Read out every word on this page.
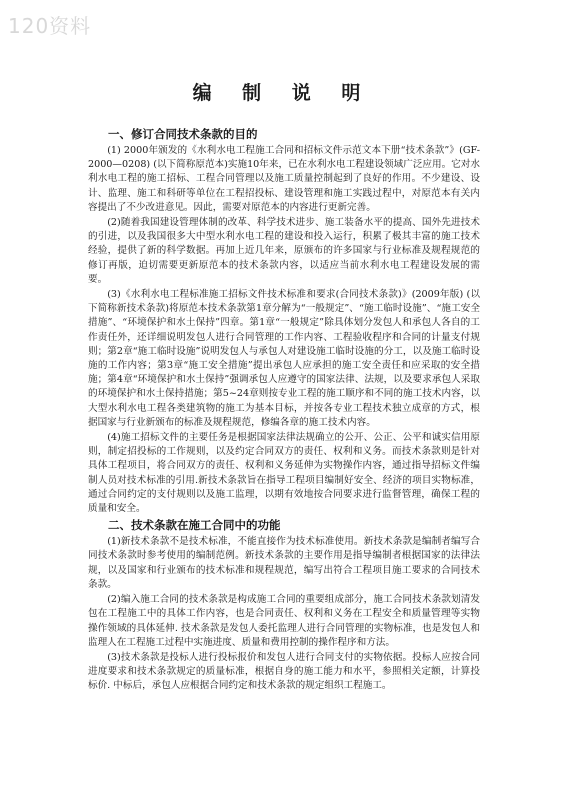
120资料
编 制 说 明
一、修订合同技术条款的目的

(1) 2000年颁发的《水利水电工程施工合同和招标文件示范文本下册“技术条款”》(GF-2000—0208) (以下简称原范本)实施10年来，已在水利水电工程建设领域广泛应用。它对水利水电工程的施工招标、工程合同管理以及施工质量控制起到了良好的作用。不少建设、设计、监理、施工和科研等单位在工程招投标、建设管理和施工实践过程中，对原范本有关内容提出了不少改进意见。因此，需要对原范本的内容进行更新完善。

(2)随着我国建设管理体制的改革、科学技术进步、施工装备水平的提高、国外先进技术的引进，以及我国很多大中型水利水电工程的建设和投入运行，积累了极其丰富的施工技术经验，提供了新的科学数据。再加上近几年来，原颁布的许多国家与行业标准及规程规范的修订再版，迫切需要更新原范本的技术条款内容，以适应当前水利水电工程建设发展的需要。

(3)《水利水电工程标准施工招标文件技术标准和要求(合同技术条款)》(2009年版) (以下简称新技术条款)将原范本技术条款第1章分解为“一般规定”、“施工临时设施”、“施工安全措施”、“环境保护和水土保持”四章。第1章“一般规定”除具体划分发包人和承包人各自的工作责任外，还详细说明发包人进行合同管理的工作内容、工程验收程序和合同的计量支付规则；第2章“施工临时设施”说明发包人与承包人对建设施工临时设施的分工，以及施工临时设施的工作内容；第3章“施工安全措施”提出承包人应承担的施工安全责任和应采取的安全措施；第4章“环境保护和水土保持”强调承包人应遵守的国家法律、法规，以及要求承包人采取的环境保护和水土保持措施；第5~24章则按专业工程的施工顺序和不同的施工技术内容，以大型水利水电工程各类建筑物的施工为基本目标，并按各专业工程技术独立成章的方式，根据国家与行业新颁布的标准及规程规范，修编各章的施工技术内容。

(4)施工招标文件的主要任务是根据国家法律法规确立的公开、公正、公平和诚实信用原则，制定招投标的工作规则，以及约定合同双方的责任、权利和义务。而技术条款则是针对具体工程项目，将合同双方的责任、权利和义务延伸为实物操作内容，通过指导招标文件编制人员对技术标准的引用.新技术条款旨在指导工程项目编制好安全、经济的项目实物标准，通过合同约定的支付规则以及施工监理，以期有效地按合同要求进行监督管理，确保工程的质量和安全。

二、技术条款在施工合同中的功能

(1)新技术条款不是技术标准，不能直接作为技术标准使用。新技术条款是编制者编写合同技术条款时参考使用的编制范例。新技术条款的主要作用是指导编制者根据国家的法律法规，以及国家和行业颁布的技术标准和规程规范，编写出符合工程项目施工要求的合同技术条款。

(2)编入施工合同的技术条款是构成施工合同的重要组成部分，施工合同技术条款划清发包在工程施工中的具体工作内容，也是合同责任、权利和义务在工程安全和质量管理等实物操作领域的具体延伸. 技术条款是发包人委托监理人进行合同管理的实物标准，也是发包人和监理人在工程施工过程中实施进度、质量和费用控制的操作程序和方法。

(3)技术条款是投标人进行投标报价和发包人进行合同支付的实物依据。投标人应按合同进度要求和技术条款规定的质量标准，根据自身的施工能力和水平，参照相关定额，计算投标价. 中标后，承包人应根据合同约定和技术条款的规定组织工程施工。
